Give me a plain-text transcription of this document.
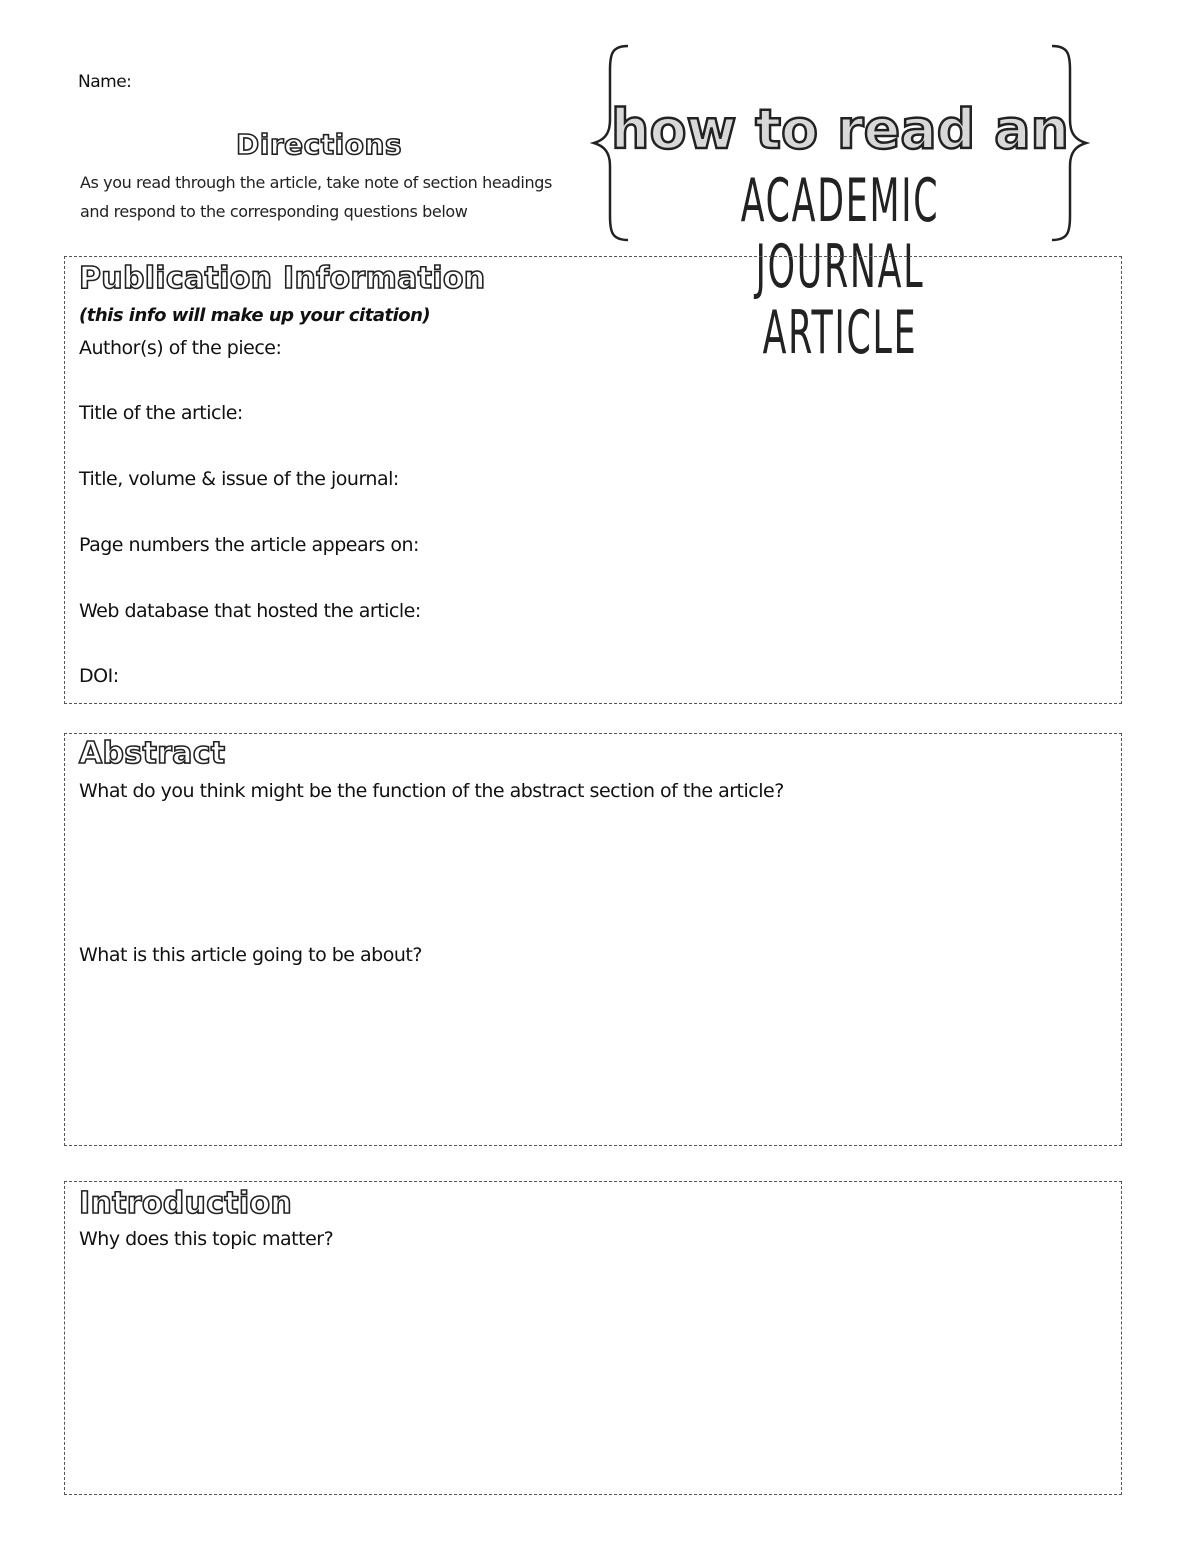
Name:
Directions
As you read through the article, take note of section headings and respond to the corresponding questions below
how to read an
ACADEMIC JOURNAL ARTICLE
Publication Information
(this info will make up your citation)
Author(s) of the piece:
Title of the article:
Title, volume & issue of the journal:
Page numbers the article appears on:
Web database that hosted the article:
DOI:
Abstract
What do you think might be the function of the abstract section of the article?
What is this article going to be about?
Introduction
Why does this topic matter?
